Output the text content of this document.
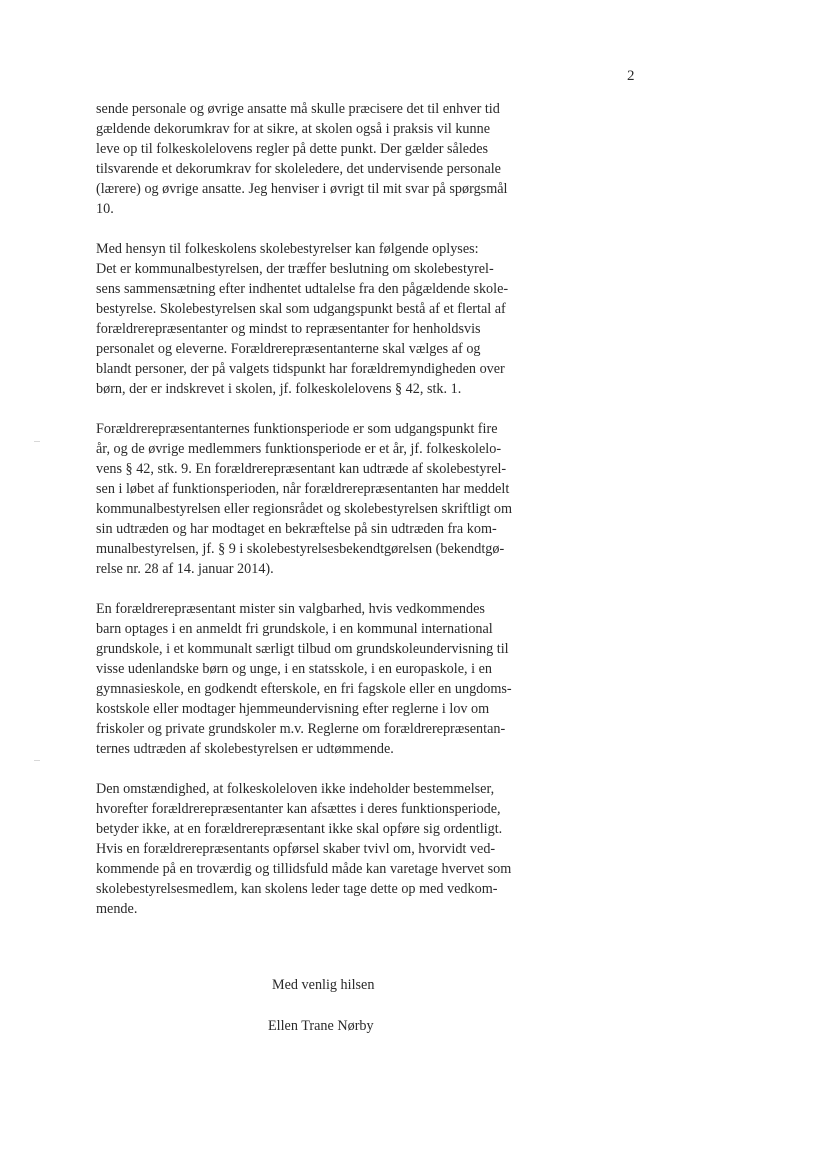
2
sende personale og øvrige ansatte må skulle præcisere det til enhver tid
gældende dekorumkrav for at sikre, at skolen også i praksis vil kunne
leve op til folkeskolelovens regler på dette punkt. Der gælder således
tilsvarende et dekorumkrav for skoleledere, det undervisende personale
(lærere) og øvrige ansatte. Jeg henviser i øvrigt til mit svar på spørgsmål
10.
Med hensyn til folkeskolens skolebestyrelser kan følgende oplyses:
Det er kommunalbestyrelsen, der træffer beslutning om skolebestyrel-
sens sammensætning efter indhentet udtalelse fra den pågældende skole-
bestyrelse. Skolebestyrelsen skal som udgangspunkt bestå af et flertal af
forældrerepræsentanter og mindst to repræsentanter for henholdsvis
personalet og eleverne. Forældrerepræsentanterne skal vælges af og
blandt personer, der på valgets tidspunkt har forældremyndigheden over
børn, der er indskrevet i skolen, jf. folkeskolelovens § 42, stk. 1.
Forældrerepræsentanternes funktionsperiode er som udgangspunkt fire
år, og de øvrige medlemmers funktionsperiode er et år, jf. folkeskolelo-
vens § 42, stk. 9. En forældrerepræsentant kan udtræde af skolebestyrel-
sen i løbet af funktionsperioden, når forældrerepræsentanten har meddelt
kommunalbestyrelsen eller regionsrådet og skolebestyrelsen skriftligt om
sin udtræden og har modtaget en bekræftelse på sin udtræden fra kom-
munalbestyrelsen, jf. § 9 i skolebestyrelsesbekendtgørelsen (bekendtgø-
relse nr. 28 af 14. januar 2014).
En forældrerepræsentant mister sin valgbarhed, hvis vedkommendes
barn optages i en anmeldt fri grundskole, i en kommunal international
grundskole, i et kommunalt særligt tilbud om grundskoleundervisning til
visse udenlandske børn og unge, i en statsskole, i en europaskole, i en
gymnasieskole, en godkendt efterskole, en fri fagskole eller en ungdoms-
kostskole eller modtager hjemmeundervisning efter reglerne i lov om
friskoler og private grundskoler m.v. Reglerne om forældrerepræsentan-
ternes udtræden af skolebestyrelsen er udtømmende.
Den omstændighed, at folkeskoleloven ikke indeholder bestemmelser,
hvorefter forældrerepræsentanter kan afsættes i deres funktionsperiode,
betyder ikke, at en forældrerepræsentant ikke skal opføre sig ordentligt.
Hvis en forældrerepræsentants opførsel skaber tvivl om, hvorvidt ved-
kommende på en troværdig og tillidsfuld måde kan varetage hvervet som
skolebestyrelsesmedlem, kan skolens leder tage dette op med vedkom-
mende.
Med venlig hilsen
Ellen Trane Nørby
